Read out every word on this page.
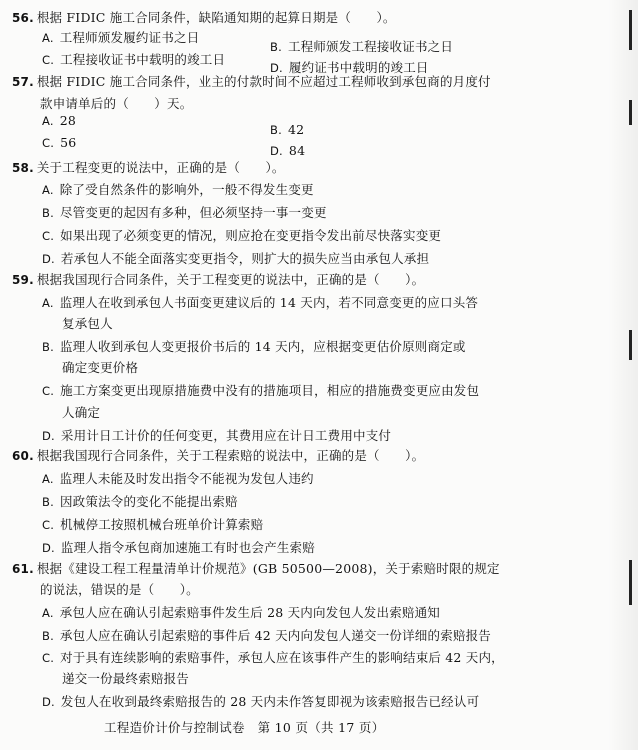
56. 根据 FIDIC 施工合同条件，缺陷通知期的起算日期是（　　）。
A. 工程师颁发履约证书之日
B. 工程师颁发工程接收证书之日
C. 工程接收证书中载明的竣工日
D. 履约证书中载明的竣工日
57. 根据 FIDIC 施工合同条件，业主的付款时间不应超过工程师收到承包商的月度付
款申请单后的（　　）天。
A. 28
B. 42
C. 56
D. 84
58. 关于工程变更的说法中，正确的是（　　）。
A. 除了受自然条件的影响外，一般不得发生变更
B. 尽管变更的起因有多种，但必须坚持一事一变更
C. 如果出现了必须变更的情况，则应抢在变更指令发出前尽快落实变更
D. 若承包人不能全面落实变更指令，则扩大的损失应当由承包人承担
59. 根据我国现行合同条件，关于工程变更的说法中，正确的是（　　）。
A. 监理人在收到承包人书面变更建议后的 14 天内，若不同意变更的应口头答
复承包人
B. 监理人收到承包人变更报价书后的 14 天内，应根据变更估价原则商定或
确定变更价格
C. 施工方案变更出现原措施费中没有的措施项目，相应的措施费变更应由发包
人确定
D. 采用计日工计价的任何变更，其费用应在计日工费用中支付
60. 根据我国现行合同条件，关于工程索赔的说法中，正确的是（　　）。
A. 监理人未能及时发出指令不能视为发包人违约
B. 因政策法令的变化不能提出索赔
C. 机械停工按照机械台班单价计算索赔
D. 监理人指令承包商加速施工有时也会产生索赔
61. 根据《建设工程工程量清单计价规范》(GB 50500—2008)，关于索赔时限的规定
的说法，错误的是（　　）。
A. 承包人应在确认引起索赔事件发生后 28 天内向发包人发出索赔通知
B. 承包人应在确认引起索赔的事件后 42 天内向发包人递交一份详细的索赔报告
C. 对于具有连续影响的索赔事件，承包人应在该事件产生的影响结束后 42 天内，
递交一份最终索赔报告
D. 发包人在收到最终索赔报告的 28 天内未作答复即视为该索赔报告已经认可
工程造价计价与控制试卷　第 10 页（共 17 页）
